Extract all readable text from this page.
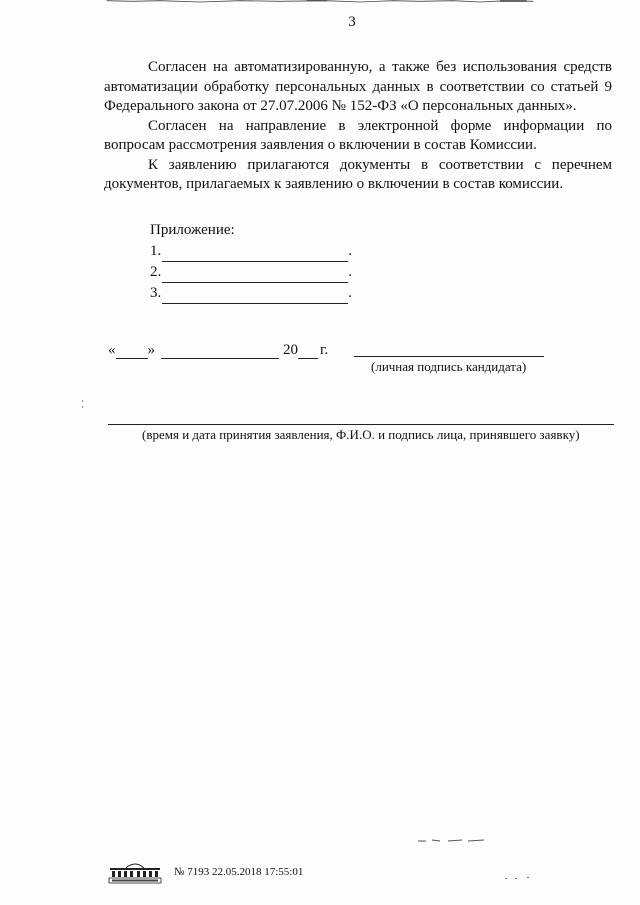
3

Согласен на автоматизированную, а также без использования средств автоматизации обработку персональных данных в соответствии со статьей 9 Федерального закона от 27.07.2006 № 152-ФЗ «О персональных данных».

Согласен на направление в электронной форме информации по вопросам рассмотрения заявления о включении в состав Комиссии.

К заявлению прилагаются документы в соответствии с перечнем документов, прилагаемых к заявлению о включении в состав комиссии.

Приложение:
1.	.
2.	.
3.	.
« »	20 г.
(личная подпись кандидата)
(время и дата принятия заявления, Ф.И.О. и подпись лица, принявшего заявку)
№ 7193 22.05.2018 17:55:01
